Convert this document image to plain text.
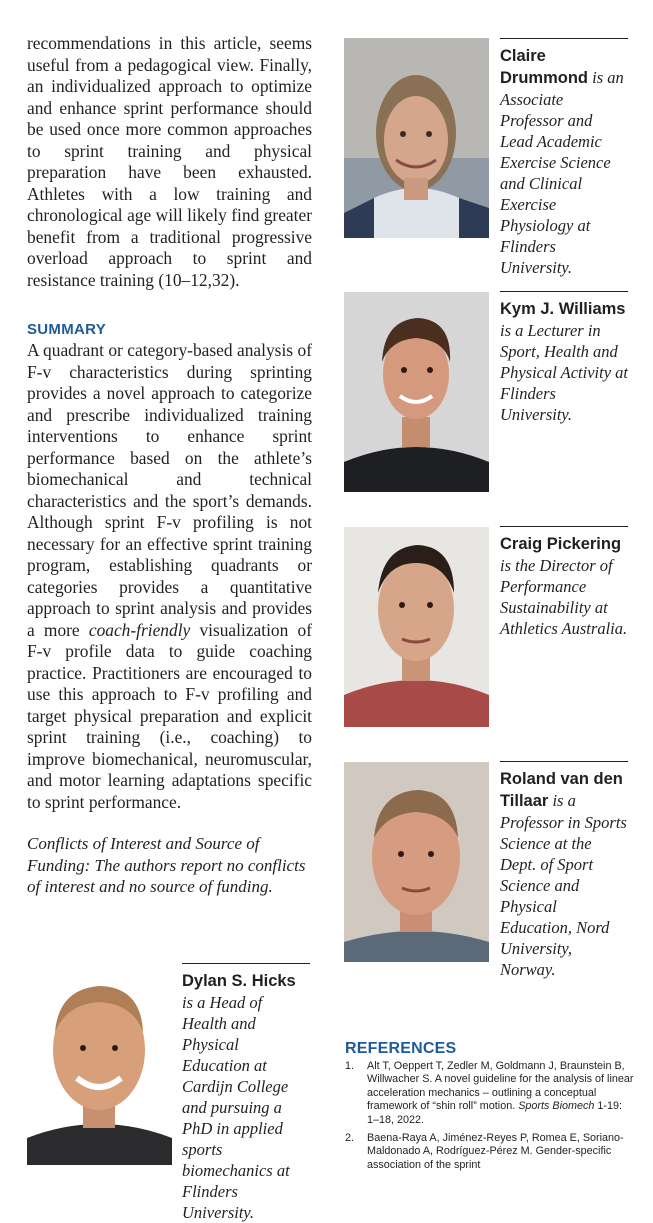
recommendations in this article, seems useful from a pedagogical view. Finally, an individualized approach to optimize and enhance sprint performance should be used once more common approaches to sprint training and physical preparation have been exhausted. Athletes with a low training and chronological age will likely find greater benefit from a traditional progressive overload approach to sprint and resistance training (10–12,32).

SUMMARY

A quadrant or category-based analysis of F-v characteristics during sprinting provides a novel approach to categorize and prescribe individualized training interventions to enhance sprint performance based on the athlete’s biomechanical and technical characteristics and the sport’s demands. Although sprint F-v profiling is not necessary for an effective sprint training program, establishing quadrants or categories provides a quantitative approach to sprint analysis and provides a more coach-friendly visualization of F-v profile data to guide coaching practice. Practitioners are encouraged to use this approach to F-v profiling and target physical preparation and explicit sprint training (i.e., coaching) to improve biomechanical, neuromuscular, and motor learning adaptations specific to sprint performance.

Conflicts of Interest and Source of Funding: The authors report no conflicts of interest and no source of funding.

Claire Drummond is an Associate Professor and Lead Academic Exercise Science and Clinical Exercise Physiology at Flinders University.
Kym J. Williams is a Lecturer in Sport, Health and Physical Activity at Flinders University.
Craig Pickering is the Director of Performance Sustainability at Athletics Australia.
Roland van den Tillaar is a Professor in Sports Science at the Dept. of Sport Science and Physical Education, Nord University, Norway.
Dylan S. Hicks is a Head of Health and Physical Education at Cardijn College and pursuing a PhD in applied sports biomechanics at Flinders University.
REFERENCES
1.	Alt T, Oeppert T, Zedler M, Goldmann J, Braunstein B, Willwacher S. A novel guideline for the analysis of linear acceleration mechanics – outlining a conceptual framework of “shin roll” motion. Sports Biomech 1-19: 1–18, 2022.
2.	Baena-Raya A, Jiménez-Reyes P, Romea E, Soriano-Maldonado A, Rodríguez-Pérez M. Gender-specific association of the sprint
